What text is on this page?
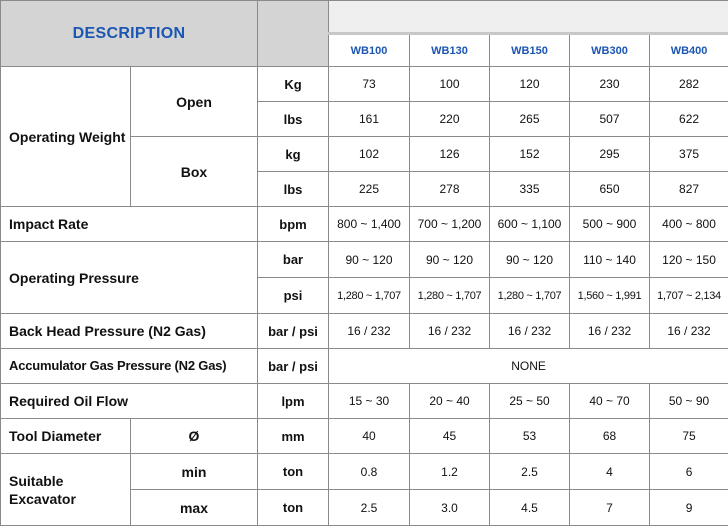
DESCRIPTION							
			WB100	WB130	WB150	WB300	WB400
Operating Weight	Open	Kg	73	100	120	230	282
		lbs	161	220	265	507	622
	Box	kg	102	126	152	295	375
		lbs	225	278	335	650	827
Impact Rate		bpm	800 ~ 1,400	700 ~ 1,200	600 ~ 1,100	500 ~ 900	400 ~ 800
Operating Pressure		bar	90 ~ 120	90 ~ 120	90 ~ 120	110 ~ 140	120 ~ 150
		psi	1,280 ~ 1,707	1,280 ~ 1,707	1,280 ~ 1,707	1,560 ~ 1,991	1,707 ~ 2,134
Back Head Pressure (N2 Gas)		bar / psi	16 / 232	16 / 232	16 / 232	16 / 232	16 / 232
Accumulator Gas Pressure (N2 Gas)		bar / psi	NONE				
Required Oil Flow		lpm	15 ~ 30	20 ~ 40	25 ~ 50	40 ~ 70	50 ~ 90
Tool Diameter	Ø	mm	40	45	53	68	75
Suitable Excavator	min	ton	0.8	1.2	2.5	4	6
	max	ton	2.5	3.0	4.5	7	9
